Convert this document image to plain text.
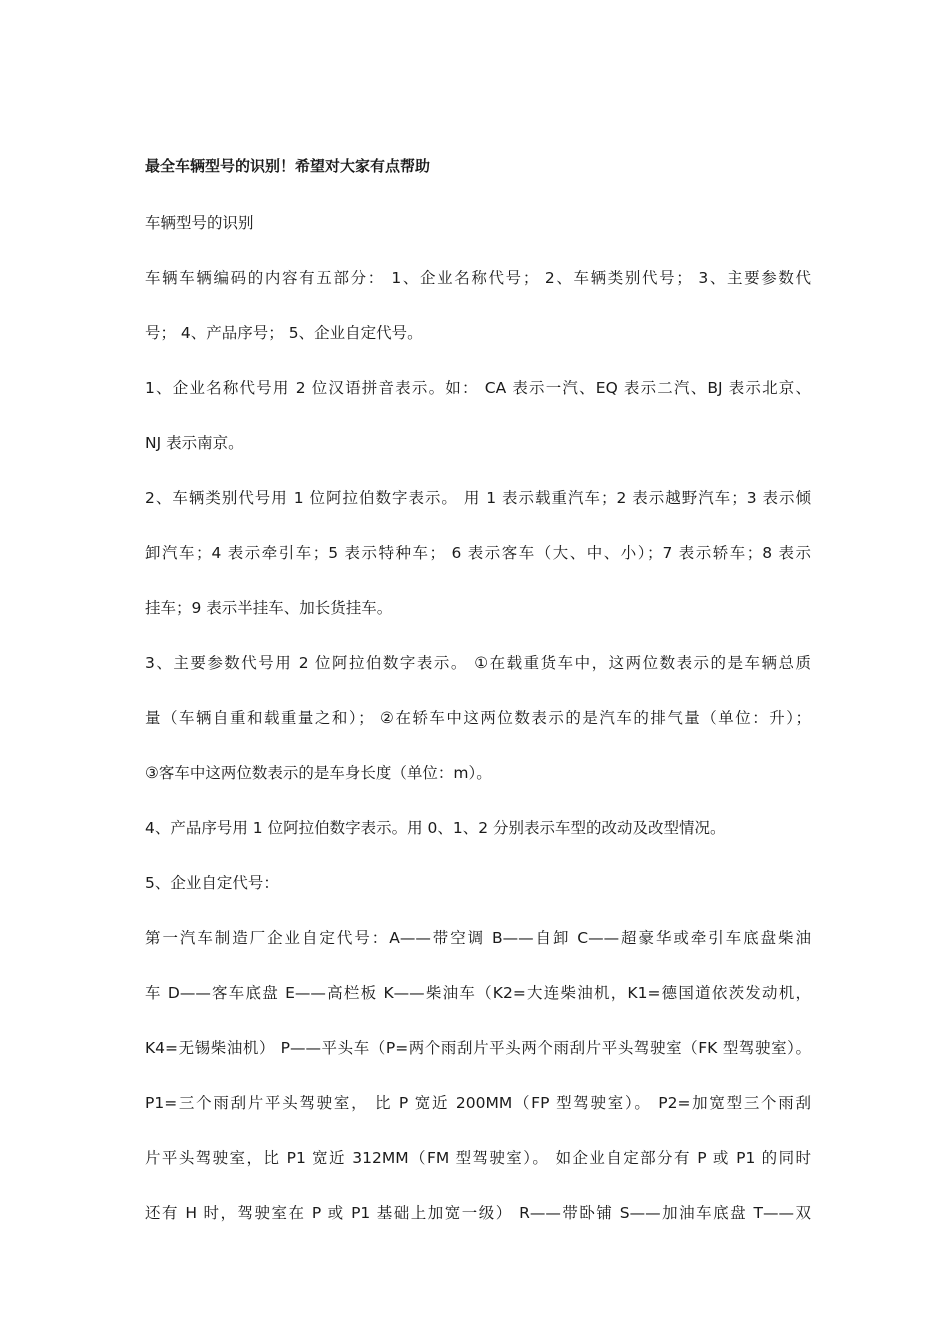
最全车辆型号的识别！希望对大家有点帮助
车辆型号的识别
车辆车辆编码的内容有五部分： 1、企业名称代号； 2、车辆类别代号； 3、主要参数代
号； 4、产品序号； 5、企业自定代号。
1、企业名称代号用 2 位汉语拼音表示。如： CA 表示一汽、EQ 表示二汽、BJ 表示北京、
NJ 表示南京。
2、车辆类别代号用 1 位阿拉伯数字表示。 用 1 表示载重汽车；2 表示越野汽车；3 表示倾
卸汽车；4 表示牵引车；5 表示特种车； 6 表示客车（大、中、小）；7 表示轿车；8 表示
挂车；9 表示半挂车、加长货挂车。
3、主要参数代号用 2 位阿拉伯数字表示。 ①在载重货车中，这两位数表示的是车辆总质
量（车辆自重和载重量之和）； ②在轿车中这两位数表示的是汽车的排气量（单位：升）；
③客车中这两位数表示的是车身长度（单位：m）。
4、产品序号用 1 位阿拉伯数字表示。用 0、1、2 分别表示车型的改动及改型情况。
5、企业自定代号：
第一汽车制造厂企业自定代号：A——带空调 B——自卸 C——超豪华或牵引车底盘柴油
车 D——客车底盘 E——高栏板 K——柴油车（K2=大连柴油机，K1=德国道依茨发动机，
K4=无锡柴油机） P——平头车（P=两个雨刮片平头两个雨刮片平头驾驶室（FK 型驾驶室）。
P1=三个雨刮片平头驾驶室， 比 P 宽近 200MM（FP 型驾驶室）。 P2=加宽型三个雨刮
片平头驾驶室，比 P1 宽近 312MM（FM 型驾驶室）。 如企业自定部分有 P 或 P1 的同时
还有 H 时，驾驶室在 P 或 P1 基础上加宽一级） R——带卧铺 S——加油车底盘 T——双
